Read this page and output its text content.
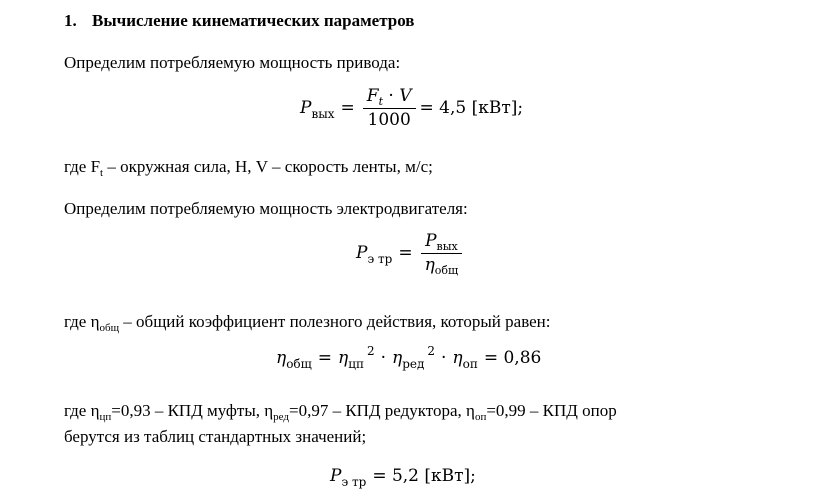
1. Вычисление кинематических параметров
Определим потребляемую мощность привода:
P вых = $\frac{F_t \cdot V}{1000} = 4,5$ [кВт];
где $F_t$ – окружная сила, Н, V – скорость ленты, м/с;
Определим потребляемую мощность электродвигателя:
P э тр = $\frac{P_{вых}}{\eta_{общ}}$
где $\eta_{общ}$ – общий коэффициент полезного действия, который равен:
η общ = η цп
2 · η ред
2 · η оп = 0,86
где $\eta_{цп}=0,93$ – КПД муфты, $\eta_{ред}=0,97$ – КПД редуктора, $\eta_{оп}=0,99$ – КПД опор
берутся из таблиц стандартных значений;
P э тр = 5,2 [кВт];
